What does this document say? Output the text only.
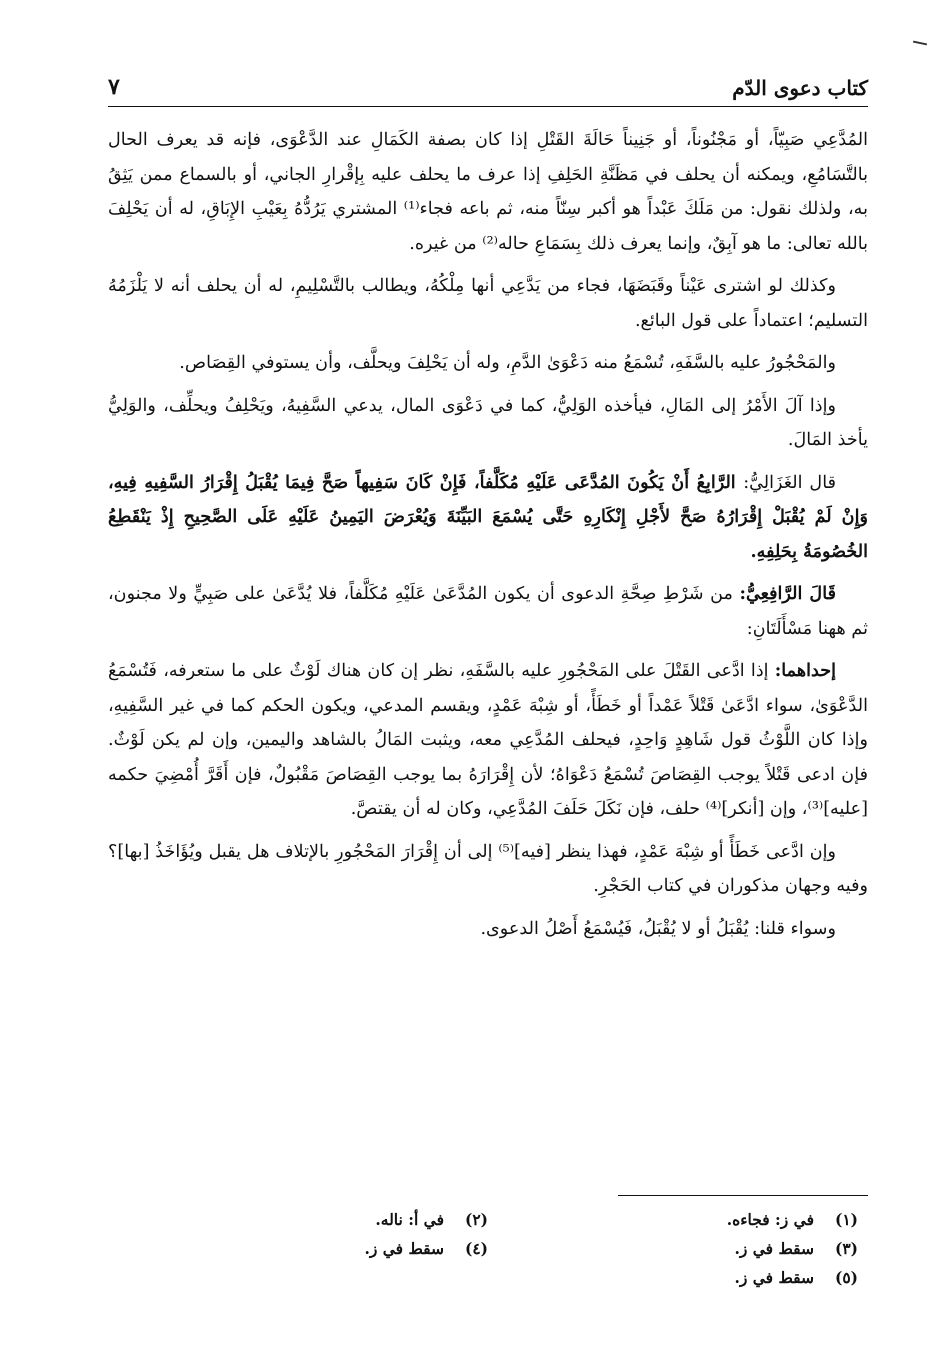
كتاب دعوى الدّم
٧

المُدَّعِي صَبِيّاً، أو مَجْنُوناً، أو جَنِيناً حَالَةَ القَتْلِ إذا كان بصفة الكَمَالِ عند الدَّعْوَى، فإنه قد يعرف الحال بالتَّسَامُعِ، ويمكنه أن يحلف في مَظَنَّةِ الحَلِفِ إذا عرف ما يحلف عليه بِإقْرارِ الجاني، أو بالسماع ممن يَثِقُ به، ولذلك نقول: من مَلَكَ عَبْداً هو أكبر سِنّاً منه، ثم باعه فجاء⁽¹⁾ المشتري يَرُدُّهُ بِعَيْبِ الإِبَاقِ، له أن يَحْلِفَ بالله تعالى: ما هو آبِقٌ، وإنما يعرف ذلك بِسَمَاعِ حاله⁽²⁾ من غيره.

وكذلك لو اشترى عَيْناً وقَبَضَهَا، فجاء من يَدَّعِي أنها مِلْكُهُ، ويطالب بالتَّسْلِيمِ، له أن يحلف أنه لا يَلْزَمُهُ التسليم؛ اعتماداً على قول البائع.

والمَحْجُورُ عليه بالسَّفَهِ، تُسْمَعُ منه دَعْوَىٰ الدَّمِ، وله أن يَحْلِفَ ويحلَّف، وأن يستوفي القِصَاص.

وإذا آلَ الأَمْرُ إلى المَالِ، فيأخذه الوَلِيُّ، كما في دَعْوَى المال، يدعي السَّفِيهُ، ويَحْلِفُ ويحلِّف، والوَلِيُّ يأخذ المَالَ.

قال الغَزَالِيُّ: الرَّابِعُ أَنْ يَكُونَ المُدَّعَى عَلَيْهِ مُكَلَّفاً، فَإِنْ كَانَ سَفِيهاً صَحَّ فِيمَا يُقْبَلُ إِقْرَارُ السَّفِيهِ فِيهِ، وَإِنْ لَمْ يُقْبَلْ إِقْرَارُهُ صَحَّ لأَجْلِ إِنْكَارِهِ حَتَّى يُسْمَعَ البَيِّنَةَ وَيُعْرَضَ اليَمِينُ عَلَيْهِ عَلَى الصَّحِيحِ إِذْ يَنْقَطِعُ الخُصُومَةُ بِحَلِفِهِ.

قَالَ الرَّافِعِيُّ: من شَرْطِ صِحَّةِ الدعوى أن يكون المُدَّعَىٰ عَلَيْهِ مُكَلَّفاً، فلا يُدَّعَىٰ على صَبِيٍّ ولا مجنون، ثم ههنا مَسْأَلَتَانِ:

إحداهما: إذا ادَّعى القَتْلَ على المَحْجُورِ عليه بالسَّفَهِ، نظر إن كان هناك لَوْثٌ على ما ستعرفه، فَتُسْمَعُ الدَّعْوَىٰ، سواء ادَّعَىٰ قَتْلاً عَمْداً أو خَطَأً، أو شِبْهَ عَمْدٍ، ويقسم المدعي، ويكون الحكم كما في غير السَّفِيهِ، وإذا كان اللَّوْثُ قول شَاهِدٍ وَاحِدٍ، فيحلف المُدَّعِي معه، ويثبت المَالُ بالشاهد واليمين، وإن لم يكن لَوْثٌ. فإن ادعى قَتْلاً يوجب القِصَاصَ تُسْمَعُ دَعْوَاهُ؛ لأن إِقْرَارَهُ بما يوجب القِصَاصَ مَقْبُولٌ، فإن أَقَرَّ أُمْضِيَ حكمه [عليه]⁽³⁾، وإن [أنكر]⁽⁴⁾ حلف، فإن نَكَلَ حَلَفَ المُدَّعِي، وكان له أن يقتصَّ.

وإن ادَّعى خَطَأً أو شِبْهَ عَمْدٍ، فهذا ينظر [فيه]⁽⁵⁾ إلى أن إِقْرَارَ المَحْجُورِ بالإتلاف هل يقبل ويُؤَاخَذُ [بها]؟ وفيه وجهان مذكوران في كتاب الحَجْرِ.

وسواء قلنا: يُقْبَلُ أو لا يُقْبَلُ، فَيُسْمَعُ أَصْلُ الدعوى.

(١)
في ز: فجاءه.
(٢)
في أ: ناله.
(٣)
سقط في ز.
(٤)
سقط في ز.
(٥)
سقط في ز.
